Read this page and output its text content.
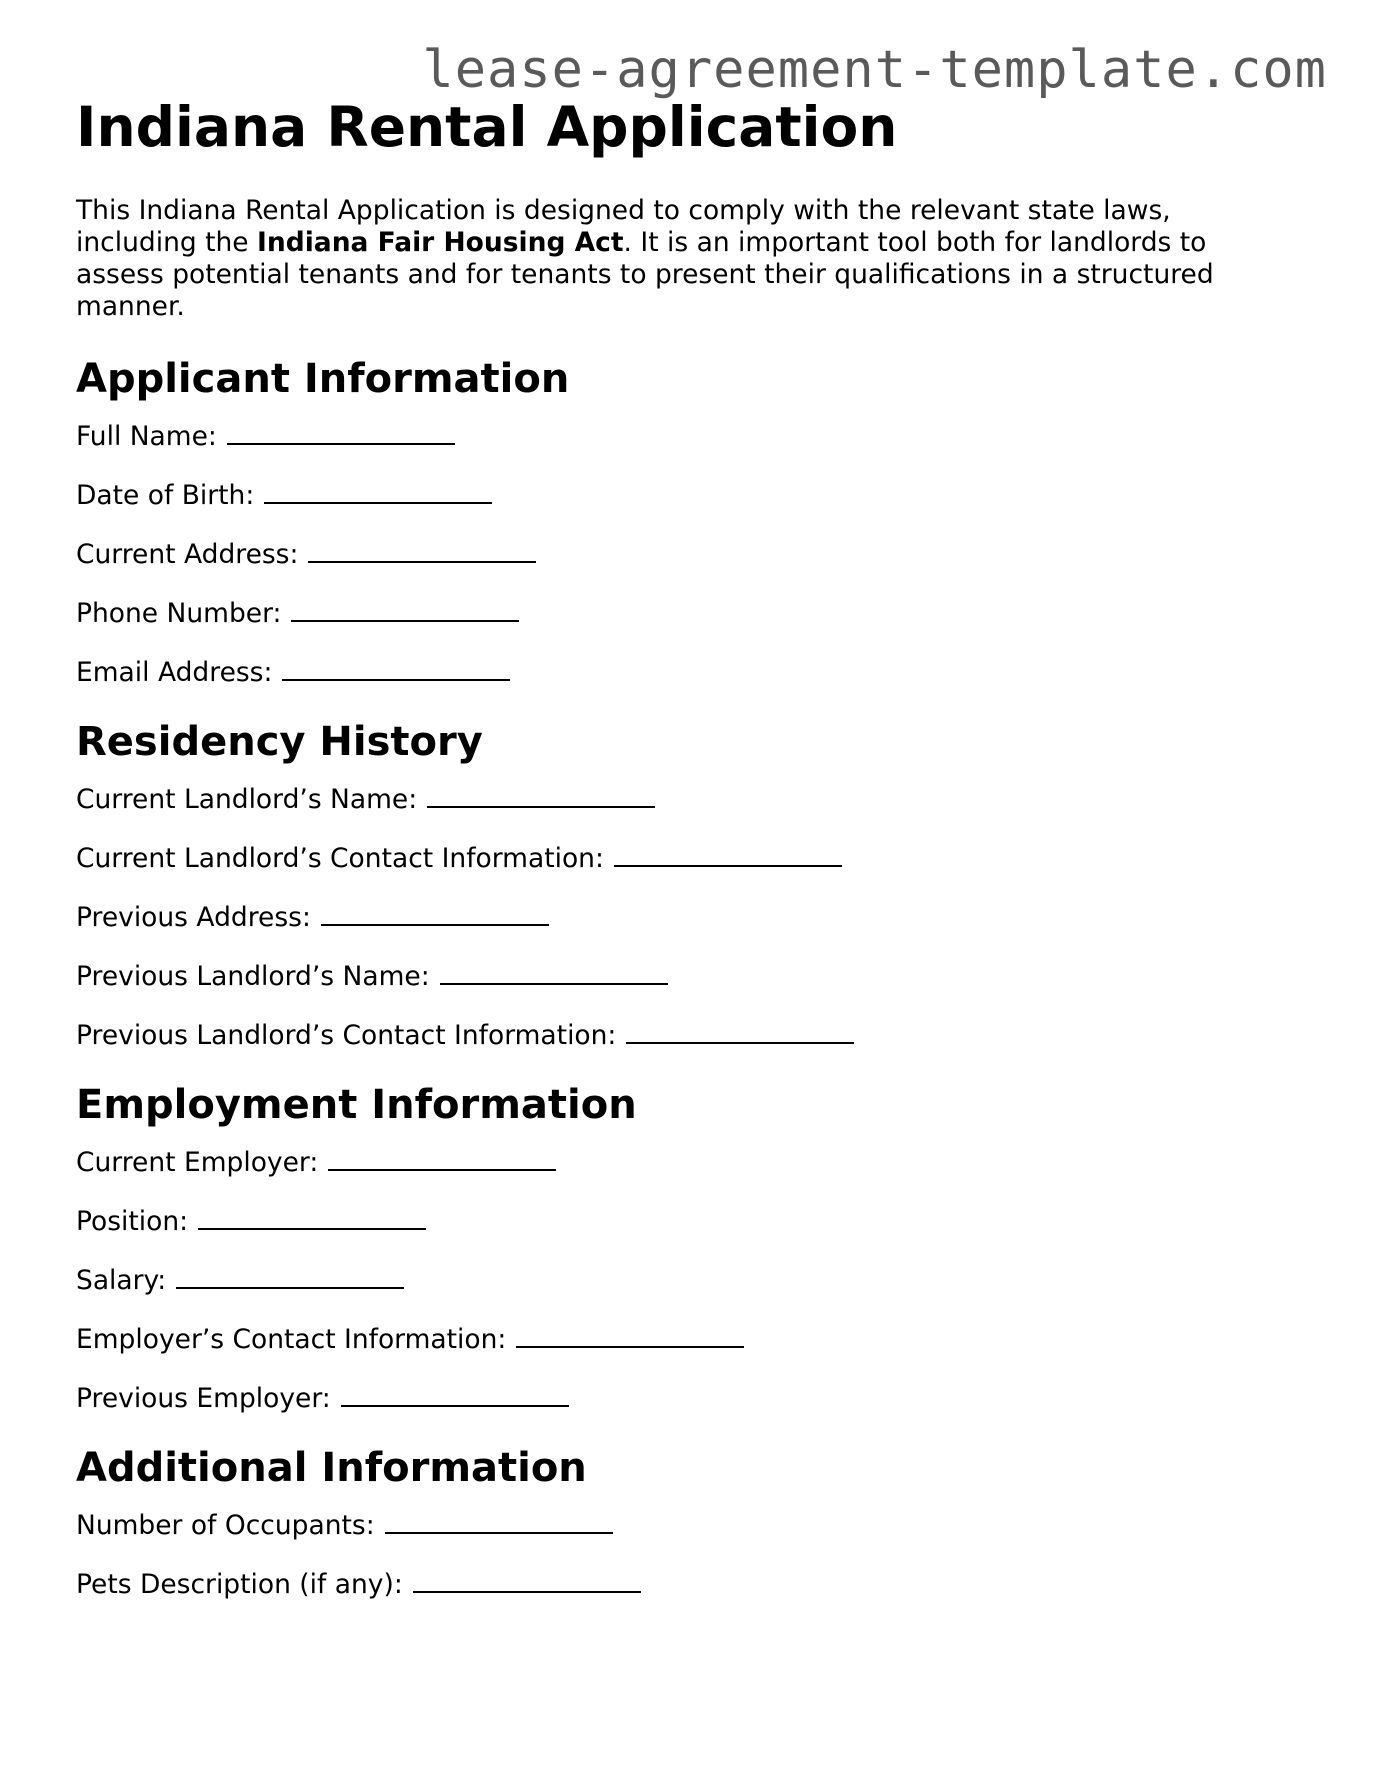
lease-agreement-template.com
Indiana Rental Application

This Indiana Rental Application is designed to comply with the relevant state laws, including the Indiana Fair Housing Act. It is an important tool both for landlords to assess potential tenants and for tenants to present their qualifications in a structured manner.

Applicant Information
Full Name:
Date of Birth:
Current Address:
Phone Number:
Email Address:
Residency History
Current Landlord’s Name:
Current Landlord’s Contact Information:
Previous Address:
Previous Landlord’s Name:
Previous Landlord’s Contact Information:
Employment Information
Current Employer:
Position:
Salary:
Employer’s Contact Information:
Previous Employer:
Additional Information
Number of Occupants:
Pets Description (if any):
